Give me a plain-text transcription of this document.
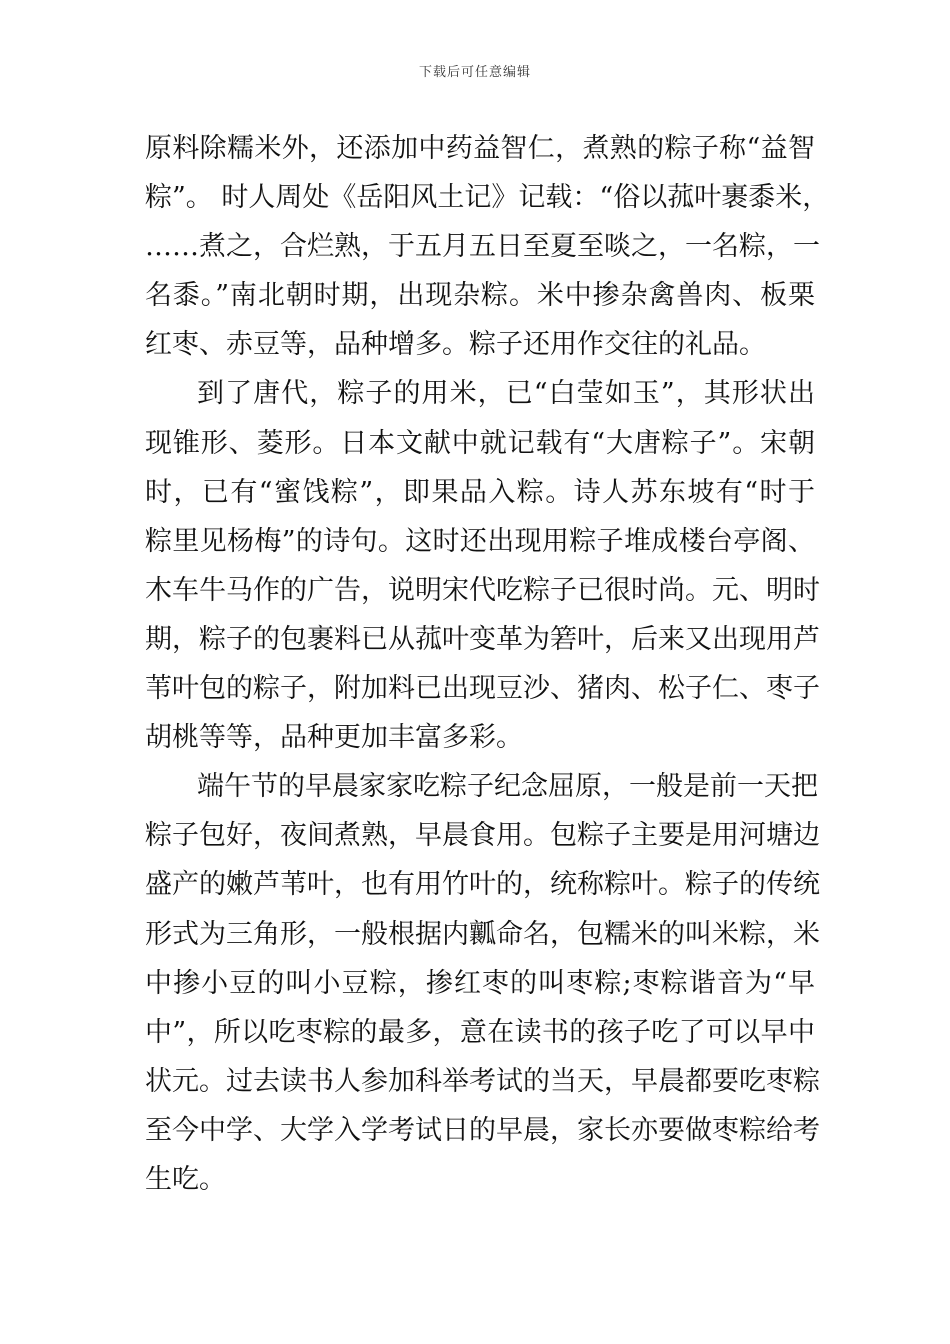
下载后可任意编辑
原料除糯米外，还添加中药益智仁，煮熟的粽子称“益智
粽”。 时人周处《岳阳风土记》记载：“俗以菰叶裹黍米，
……煮之，合烂熟，于五月五日至夏至啖之，一名粽，一
名黍。”南北朝时期，出现杂粽。米中掺杂禽兽肉、板栗
红枣、赤豆等，品种增多。粽子还用作交往的礼品。
到了唐代，粽子的用米，已“白莹如玉”，其形状出
现锥形、菱形。日本文献中就记载有“大唐粽子”。宋朝
时，已有“蜜饯粽”，即果品入粽。诗人苏东坡有“时于
粽里见杨梅”的诗句。这时还出现用粽子堆成楼台亭阁、
木车牛马作的广告，说明宋代吃粽子已很时尚。元、明时
期，粽子的包裹料已从菰叶变革为箬叶，后来又出现用芦
苇叶包的粽子，附加料已出现豆沙、猪肉、松子仁、枣子
胡桃等等，品种更加丰富多彩。
端午节的早晨家家吃粽子纪念屈原，一般是前一天把
粽子包好，夜间煮熟，早晨食用。包粽子主要是用河塘边
盛产的嫩芦苇叶，也有用竹叶的，统称粽叶。粽子的传统
形式为三角形，一般根据内瓤命名，包糯米的叫米粽，米
中掺小豆的叫小豆粽，掺红枣的叫枣粽;枣粽谐音为“早
中”，所以吃枣粽的最多，意在读书的孩子吃了可以早中
状元。过去读书人参加科举考试的当天，早晨都要吃枣粽
至今中学、大学入学考试日的早晨，家长亦要做枣粽给考
生吃。
